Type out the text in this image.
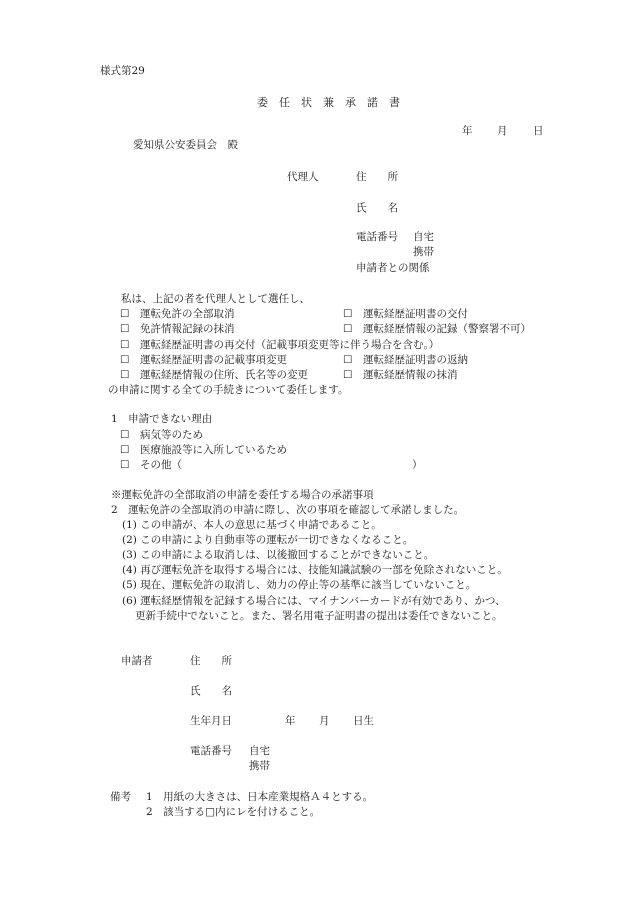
様式第29
委 任 状 兼 承 諾 書
年 月 日
愛知県公安委員会　殿
代理人	住　　所
氏　　名
電話番号 自宅
携帯
申請者との関係
私は、上記の者を代理人として選任し、
☐ 運転免許の全部取消	☐ 運転経歴証明書の交付
☐ 免許情報記録の抹消	☐ 運転経歴情報の記録（警察署不可）
☐ 運転経歴証明書の再交付（記載事項変更等に伴う場合を含む。）
☐ 運転経歴証明書の記載事項変更	☐ 運転経歴証明書の返納
☐ 運転経歴情報の住所、氏名等の変更	☐ 運転経歴情報の抹消
の申請に関する全ての手続きについて委任します。
1　申請できない理由
☐ 病気等のため
☐ 医療施設等に入所しているため
☐ その他（	）
※運転免許の全部取消の申請を委任する場合の承諾事項
2　運転免許の全部取消の申請に際し、次の事項を確認して承諾しました。
(1) この申請が、本人の意思に基づく申請であること。
(2) この申請により自動車等の運転が一切できなくなること。
(3) この申請による取消しは、以後撤回することができないこと。
(4) 再び運転免許を取得する場合には、技能知識試験の一部を免除されないこと。
(5) 現在、運転免許の取消し、効力の停止等の基準に該当していないこと。
(6) 運転経歴情報を記録する場合には、マイナンバーカードが有効であり、かつ、
更新手続中でないこと。また、署名用電子証明書の提出は委任できないこと。
申請者	住　　所
氏　　名
生年月日	年 月 日生
電話番号 自宅
携帯
備考 1　用紙の大きさは、日本産業規格Ａ４とする。
2　該当する□内にレを付けること。
